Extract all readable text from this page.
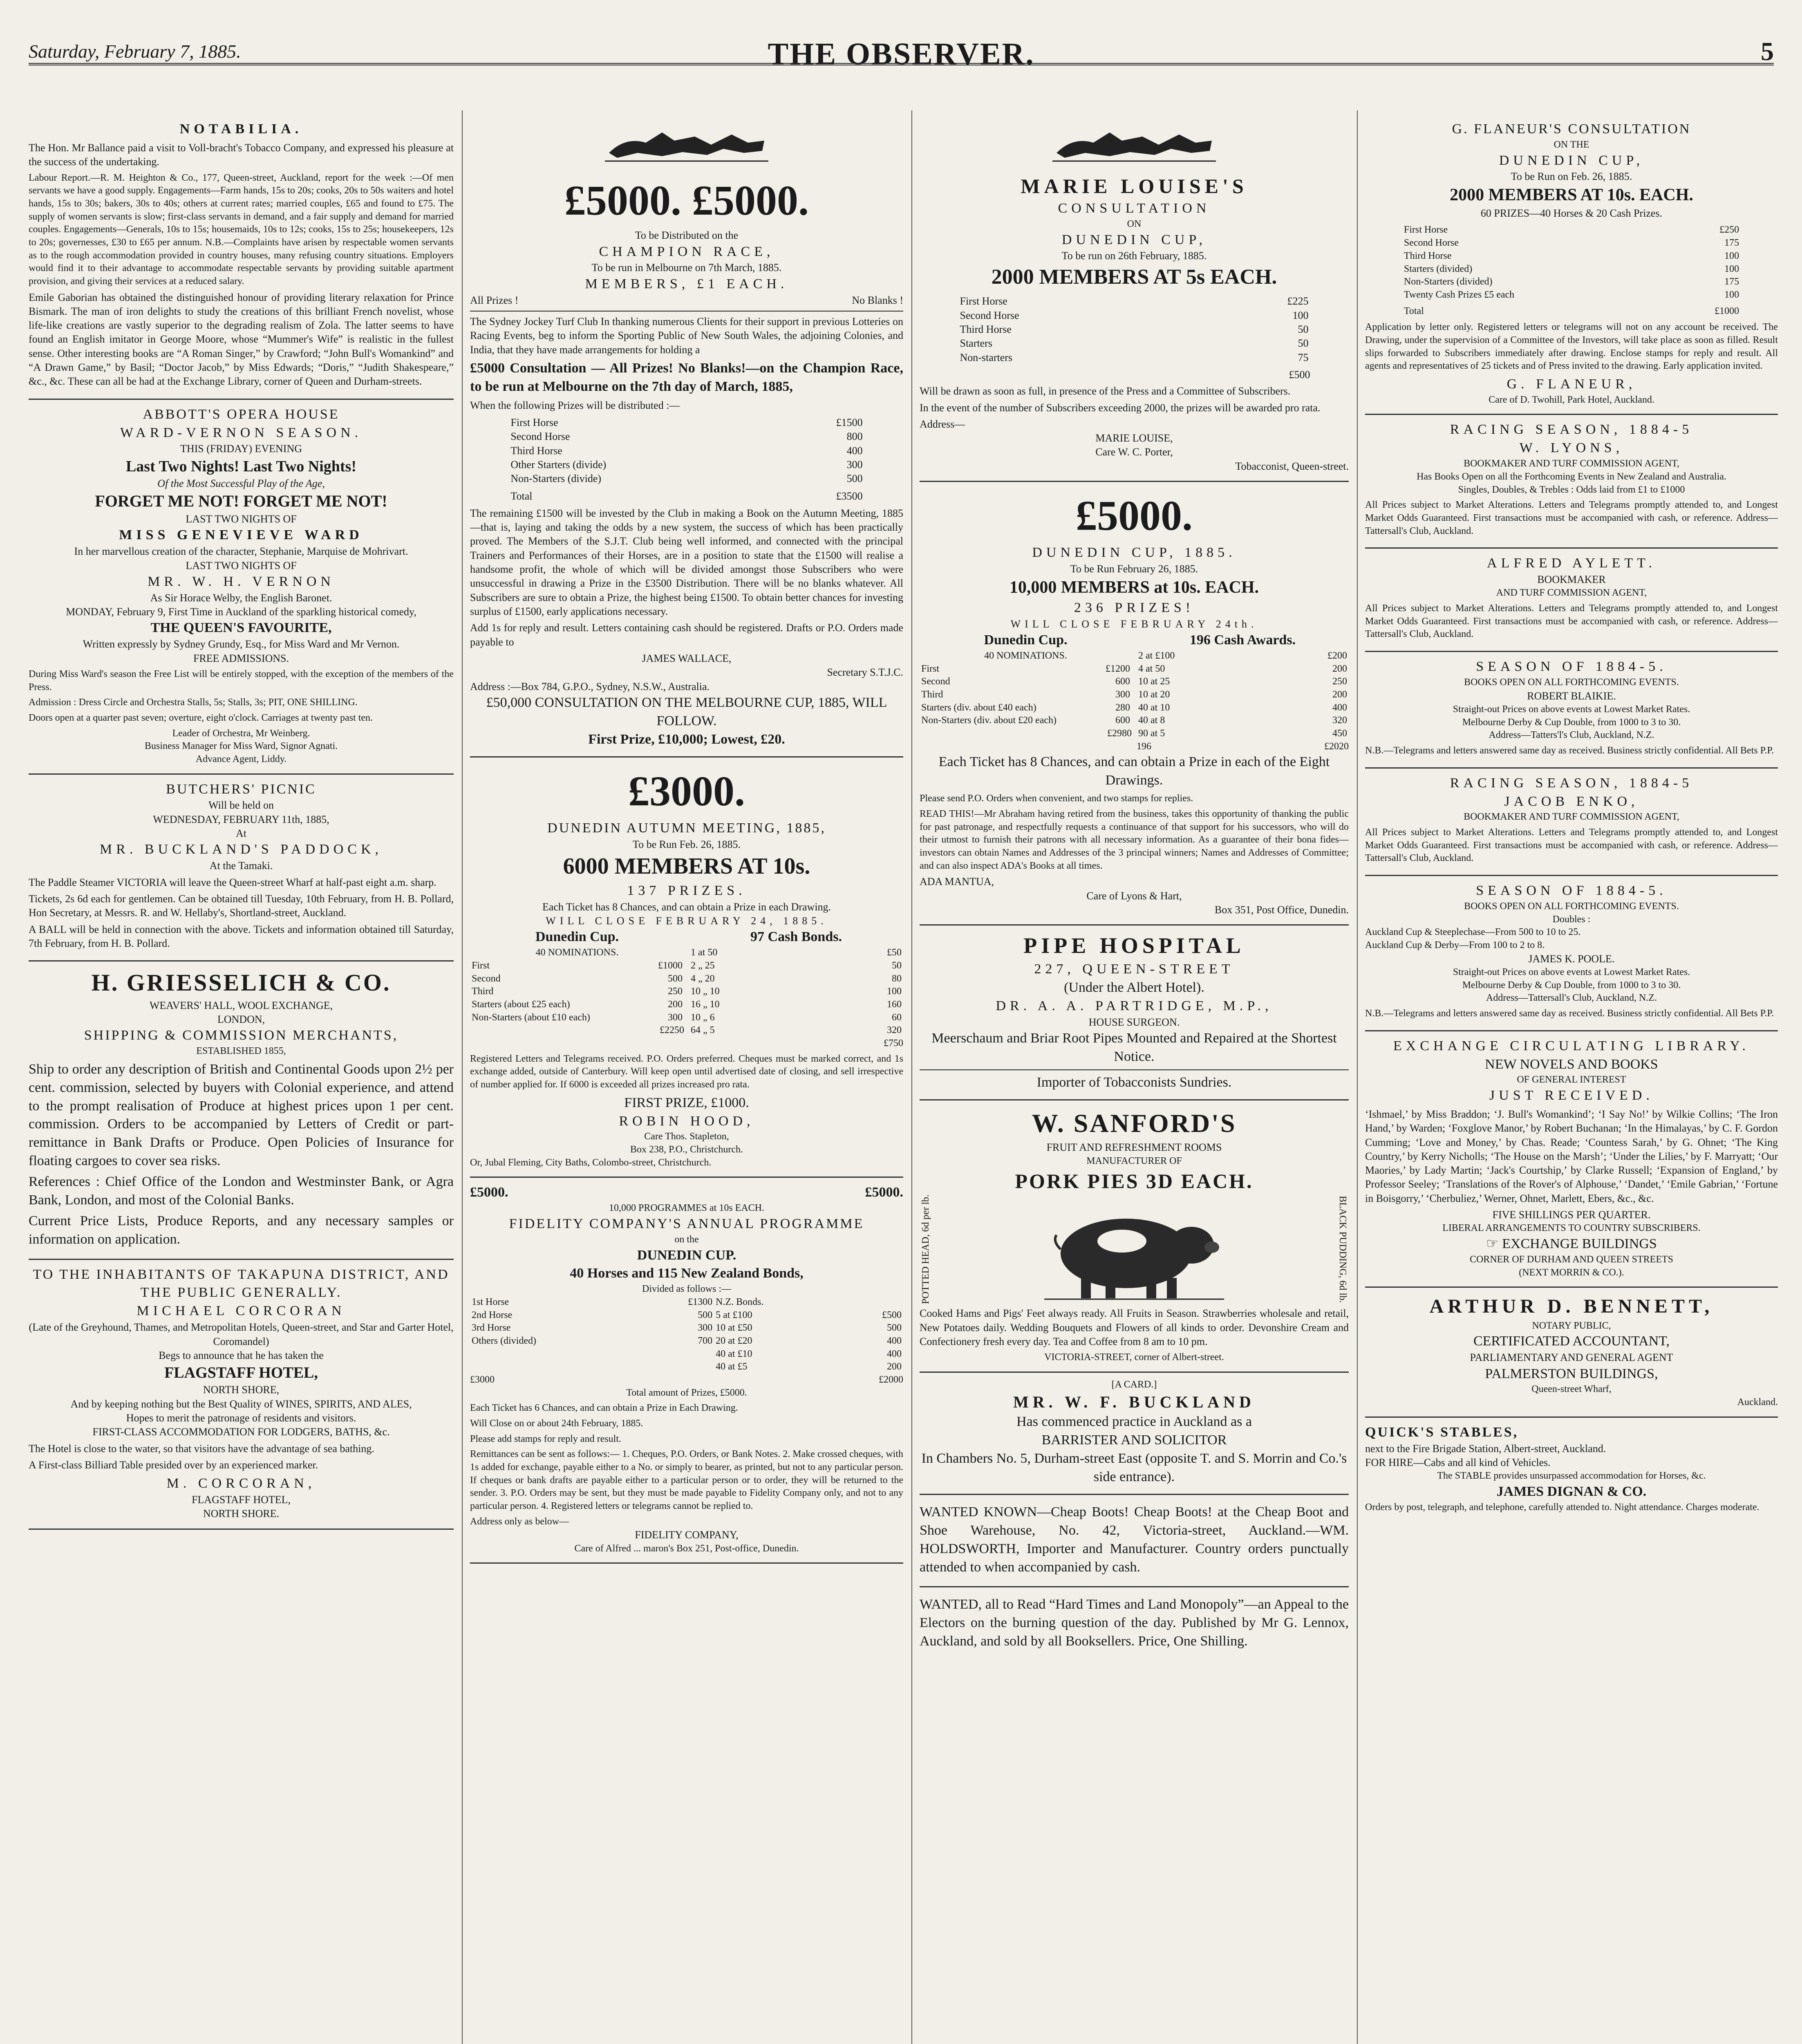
Saturday, February 7, 1885.	THE OBSERVER.	5
NOTABILIA.

The Hon. Mr Ballance paid a visit to Voll-bracht's Tobacco Company, and expressed his pleasure at the success of the undertaking.

Labour Report.—R. M. Heighton & Co., 177, Queen-street, Auckland, report for the week :—Of men servants we have a good supply. Engagements—Farm hands, 15s to 20s; cooks, 20s to 50s waiters and hotel hands, 15s to 30s; bakers, 30s to 40s; others at current rates; married couples, £65 and found to £75. The supply of women servants is slow; first-class servants in demand, and a fair supply and demand for married couples. Engagements—Generals, 10s to 15s; housemaids, 10s to 12s; cooks, 15s to 25s; housekeepers, 12s to 20s; governesses, £30 to £65 per annum. N.B.—Complaints have arisen by respectable women servants as to the rough accommodation provided in country houses, many refusing country situations. Employers would find it to their advantage to accommodate respectable servants by providing suitable apartment provision, and giving their services at a reduced salary.

Emile Gaborian has obtained the distinguished honour of providing literary relaxation for Prince Bismark. The man of iron delights to study the creations of this brilliant French novelist, whose life-like creations are vastly superior to the degrading realism of Zola. The latter seems to have found an English imitator in George Moore, whose “Mummer's Wife” is realistic in the fullest sense. Other interesting books are “A Roman Singer,” by Crawford; “John Bull's Womankind” and “A Drawn Game,” by Basil; “Doctor Jacob,” by Miss Edwards; “Doris,” “Judith Shakespeare,” &c., &c. These can all be had at the Exchange Library, corner of Queen and Durham-streets.

ABBOTT'S OPERA HOUSE
WARD-VERNON SEASON.
THIS (FRIDAY) EVENING
Last Two Nights! Last Two Nights!
Of the Most Successful Play of the Age,
FORGET ME NOT! FORGET ME NOT!
LAST TWO NIGHTS OF
MISS GENEVIEVE WARD
In her marvellous creation of the character, Stephanie, Marquise de Mohrivart.
LAST TWO NIGHTS OF
MR. W. H. VERNON
As Sir Horace Welby, the English Baronet.
MONDAY, February 9, First Time in Auckland of the sparkling historical comedy,
THE QUEEN'S FAVOURITE,
Written expressly by Sydney Grundy, Esq., for Miss Ward and Mr Vernon.
FREE ADMISSIONS.

During Miss Ward's season the Free List will be entirely stopped, with the exception of the members of the Press.

Admission : Dress Circle and Orchestra Stalls, 5s; Stalls, 3s; PIT, ONE SHILLING.

Doors open at a quarter past seven; overture, eight o'clock. Carriages at twenty past ten.

Leader of Orchestra, Mr Weinberg.
Business Manager for Miss Ward, Signor Agnati.
Advance Agent, Liddy.
BUTCHERS' PICNIC
Will be held on
WEDNESDAY, FEBRUARY 11th, 1885,
At
MR. BUCKLAND'S PADDOCK,
At the Tamaki.

The Paddle Steamer VICTORIA will leave the Queen-street Wharf at half-past eight a.m. sharp.

Tickets, 2s 6d each for gentlemen. Can be obtained till Tuesday, 10th February, from H. B. Pollard, Hon Secretary, at Messrs. R. and W. Hellaby's, Shortland-street, Auckland.

A BALL will be held in connection with the above. Tickets and information obtained till Saturday, 7th February, from H. B. Pollard.

H. GRIESSELICH & CO.
WEAVERS' HALL, WOOL EXCHANGE,
LONDON,
SHIPPING & COMMISSION MERCHANTS,
ESTABLISHED 1855,

Ship to order any description of British and Continental Goods upon 2½ per cent. commission, selected by buyers with Colonial experience, and attend to the prompt realisation of Produce at highest prices upon 1 per cent. commission. Orders to be accompanied by Letters of Credit or part-remittance in Bank Drafts or Produce. Open Policies of Insurance for floating cargoes to cover sea risks.

References : Chief Office of the London and Westminster Bank, or Agra Bank, London, and most of the Colonial Banks.

Current Price Lists, Produce Reports, and any necessary samples or information on application.

TO THE INHABITANTS OF TAKAPUNA DISTRICT, AND THE PUBLIC GENERALLY.
MICHAEL CORCORAN
(Late of the Greyhound, Thames, and Metropolitan Hotels, Queen-street, and Star and Garter Hotel, Coromandel)
Begs to announce that he has taken the
FLAGSTAFF HOTEL,
NORTH SHORE,
And by keeping nothing but the Best Quality of WINES, SPIRITS, AND ALES,
Hopes to merit the patronage of residents and visitors.
FIRST-CLASS ACCOMMODATION FOR LODGERS, BATHS, &c.

The Hotel is close to the water, so that visitors have the advantage of sea bathing.

A First-class Billiard Table presided over by an experienced marker.

M. CORCORAN,
FLAGSTAFF HOTEL,
NORTH SHORE.
£5000. £5000.
To be Distributed on the
CHAMPION RACE,
To be run in Melbourne on 7th March, 1885.
MEMBERS, £1 EACH.
All Prizes !	No Blanks !

The Sydney Jockey Turf Club In thanking numerous Clients for their support in previous Lotteries on Racing Events, beg to inform the Sporting Public of New South Wales, the adjoining Colonies, and India, that they have made arrangements for holding a

£5000 Consultation — All Prizes! No Blanks!—on the Champion Race, to be run at Melbourne on the 7th day of March, 1885,

When the following Prizes will be distributed :—
First Horse	£1500
Second Horse	800
Third Horse	400
Other Starters (divide)	300
Non-Starters (divide)	500
Total	£3500

The remaining £1500 will be invested by the Club in making a Book on the Autumn Meeting, 1885—that is, laying and taking the odds by a new system, the success of which has been practically proved. The Members of the S.J.T. Club being well informed, and connected with the principal Trainers and Performances of their Horses, are in a position to state that the £1500 will realise a handsome profit, the whole of which will be divided amongst those Subscribers who were unsuccessful in drawing a Prize in the £3500 Distribution. There will be no blanks whatever. All Subscribers are sure to obtain a Prize, the highest being £1500. To obtain better chances for investing surplus of £1500, early applications necessary.

Add 1s for reply and result. Letters containing cash should be registered. Drafts or P.O. Orders made payable to

JAMES WALLACE,
Secretary S.T.J.C.
Address :—Box 784, G.P.O., Sydney, N.S.W., Australia.
£50,000 CONSULTATION ON THE MELBOURNE CUP, 1885, WILL FOLLOW.
First Prize, £10,000; Lowest, £20.
£3000.
DUNEDIN AUTUMN MEETING, 1885,
To be Run Feb. 26, 1885.
6000 MEMBERS AT 10s.
137 PRIZES.
Each Ticket has 8 Chances, and can obtain a Prize in each Drawing.
WILL CLOSE FEBRUARY 24, 1885.
Dunedin Cup.
40 NOMINATIONS.
First	£1000
Second	500
Third	250
Starters (about £25 each)	200
Non-Starters (about £10 each)	300
£2250
97 Cash Bonds.
1 at 50	£50
2 „ 25	50
4 „ 20	80
10 „ 10	100
16 „ 10	160
10 „ 6	60
64 „ 5	320
£750

Registered Letters and Telegrams received. P.O. Orders preferred. Cheques must be marked correct, and 1s exchange added, outside of Canterbury. Will keep open until advertised date of closing, and sell irrespective of number applied for. If 6000 is exceeded all prizes increased pro rata.

FIRST PRIZE, £1000.
ROBIN HOOD,
Care Thos. Stapleton,
Box 238, P.O., Christchurch.
Or, Jubal Fleming, City Baths, Colombo-street, Christchurch.
£5000.	£5000.
10,000 PROGRAMMES at 10s EACH.
FIDELITY COMPANY'S ANNUAL PROGRAMME
on the
DUNEDIN CUP.
40 Horses and 115 New Zealand Bonds,
Divided as follows :—
1st Horse	£1300	N.Z. Bonds.	
2nd Horse	500	5 at £100	£500
3rd Horse	300	10 at £50	500
Others (divided)	700	20 at £20	400
		40 at £10	400
		40 at £5	200
£3000	£2000
Total amount of Prizes, £5000.

Each Ticket has 6 Chances, and can obtain a Prize in Each Drawing.

Will Close on or about 24th February, 1885.

Please add stamps for reply and result.

Remittances can be sent as follows:— 1. Cheques, P.O. Orders, or Bank Notes. 2. Make crossed cheques, with 1s added for exchange, payable either to a No. or simply to bearer, as printed, but not to any particular person. If cheques or bank drafts are payable either to a particular person or to order, they will be returned to the sender. 3. P.O. Orders may be sent, but they must be made payable to Fidelity Company only, and not to any particular person. 4. Registered letters or telegrams cannot be replied to.

Address only as below—
FIDELITY COMPANY,
Care of Alfred ... maron's Box 251, Post-office, Dunedin.
MARIE LOUISE'S
CONSULTATION
ON
DUNEDIN CUP,
To be run on 26th February, 1885.
2000 MEMBERS AT 5s EACH.
First Horse	£225
Second Horse	100
Third Horse	50
Starters	50
Non-starters	75
£500

Will be drawn as soon as full, in presence of the Press and a Committee of Subscribers.

In the event of the number of Subscribers exceeding 2000, the prizes will be awarded pro rata.

Address—
MARIE LOUISE,
Care W. C. Porter,
Tobacconist, Queen-street.
£5000.
DUNEDIN CUP, 1885.
To be Run February 26, 1885.
10,000 MEMBERS at 10s. EACH.
236 PRIZES!
WILL CLOSE FEBRUARY 24th.
Dunedin Cup.
40 NOMINATIONS.
First	£1200
Second	600
Third	300
Starters (div. about £40 each)	280
Non-Starters (div. about £20 each)	600
£2980
196 Cash Awards.
2 at £100	£200
4 at 50	200
10 at 25	250
10 at 20	200
40 at 10	400
40 at 8	320
90 at 5	450
196	£2020
Each Ticket has 8 Chances, and can obtain a Prize in each of the Eight Drawings.

Please send P.O. Orders when convenient, and two stamps for replies.

READ THIS!—Mr Abraham having retired from the business, takes this opportunity of thanking the public for past patronage, and respectfully requests a continuance of that support for his successors, who will do their utmost to furnish their patrons with all necessary information. As a guarantee of their bona fides—investors can obtain Names and Addresses of the 3 principal winners; Names and Addresses of Committee; and can also inspect ADA's Books at all times.

ADA MANTUA,
Care of Lyons & Hart,
Box 351, Post Office, Dunedin.
PIPE HOSPITAL
227, QUEEN-STREET
(Under the Albert Hotel).
DR. A. A. PARTRIDGE, M.P.,
HOUSE SURGEON.
Meerschaum and Briar Root Pipes Mounted and Repaired at the Shortest Notice.
Importer of Tobacconists Sundries.
W. SANFORD'S
FRUIT AND REFRESHMENT ROOMS
MANUFACTURER OF
PORK PIES 3D EACH.
POTTED HEAD, 6d per lb.	BLACK PUDDING, 6d lb.

Cooked Hams and Pigs' Feet always ready. All Fruits in Season. Strawberries wholesale and retail, New Potatoes daily. Wedding Bouquets and Flowers of all kinds to order. Devonshire Cream and Confectionery fresh every day. Tea and Coffee from 8 am to 10 pm.

VICTORIA-STREET, corner of Albert-street.
[A CARD.]
MR. W. F. BUCKLAND
Has commenced practice in Auckland as a
BARRISTER AND SOLICITOR
In Chambers No. 5, Durham-street East (opposite T. and S. Morrin and Co.'s side entrance).

WANTED KNOWN—Cheap Boots! Cheap Boots! at the Cheap Boot and Shoe Warehouse, No. 42, Victoria-street, Auckland.—WM. HOLDSWORTH, Importer and Manufacturer. Country orders punctually attended to when accompanied by cash.

WANTED, all to Read “Hard Times and Land Monopoly”—an Appeal to the Electors on the burning question of the day. Published by Mr G. Lennox, Auckland, and sold by all Booksellers. Price, One Shilling.

G. FLANEUR'S CONSULTATION
ON THE
DUNEDIN CUP,
To be Run on Feb. 26, 1885.
2000 MEMBERS AT 10s. EACH.
60 PRIZES—40 Horses & 20 Cash Prizes.
First Horse	£250
Second Horse	175
Third Horse	100
Starters (divided)	100
Non-Starters (divided)	175
Twenty Cash Prizes £5 each	100
Total	£1000

Application by letter only. Registered letters or telegrams will not on any account be received. The Drawing, under the supervision of a Committee of the Investors, will take place as soon as filled. Result slips forwarded to Subscribers immediately after drawing. Enclose stamps for reply and result. All agents and representatives of 25 tickets and of Press invited to the drawing. Early application invited.

G. FLANEUR,
Care of D. Twohill, Park Hotel, Auckland.
RACING SEASON, 1884-5
W. LYONS,
BOOKMAKER AND TURF COMMISSION AGENT,
Has Books Open on all the Forthcoming Events in New Zealand and Australia.
Singles, Doubles, & Trebles : Odds laid from £1 to £1000

All Prices subject to Market Alterations. Letters and Telegrams promptly attended to, and Longest Market Odds Guaranteed. First transactions must be accompanied with cash, or reference. Address—Tattersall's Club, Auckland.

ALFRED AYLETT.
BOOKMAKER
AND TURF COMMISSION AGENT,

All Prices subject to Market Alterations. Letters and Telegrams promptly attended to, and Longest Market Odds Guaranteed. First transactions must be accompanied with cash, or reference. Address—Tattersall's Club, Auckland.

SEASON OF 1884-5.
BOOKS OPEN ON ALL FORTHCOMING EVENTS.
ROBERT BLAIKIE.
Straight-out Prices on above events at Lowest Market Rates.
Melbourne Derby & Cup Double, from 1000 to 3 to 30.
Address—Tatters'l's Club, Auckland, N.Z.

N.B.—Telegrams and letters answered same day as received. Business strictly confidential. All Bets P.P.

RACING SEASON, 1884-5
JACOB ENKO,
BOOKMAKER AND TURF COMMISSION AGENT,

All Prices subject to Market Alterations. Letters and Telegrams promptly attended to, and Longest Market Odds Guaranteed. First transactions must be accompanied with cash, or reference. Address—Tattersall's Club, Auckland.

SEASON OF 1884-5.
BOOKS OPEN ON ALL FORTHCOMING EVENTS.
Doubles :
Auckland Cup & Steeplechase—From 500 to 10 to 25.
Auckland Cup & Derby—From 100 to 2 to 8.
JAMES K. POOLE.
Straight-out Prices on above events at Lowest Market Rates.
Melbourne Derby & Cup Double, from 1000 to 3 to 30.
Address—Tattersall's Club, Auckland, N.Z.

N.B.—Telegrams and letters answered same day as received. Business strictly confidential. All Bets P.P.

EXCHANGE CIRCULATING LIBRARY.
NEW NOVELS AND BOOKS
OF GENERAL INTEREST
JUST RECEIVED.

‘Ishmael,’ by Miss Braddon; ‘J. Bull's Womankind’; ‘I Say No!’ by Wilkie Collins; ‘The Iron Hand,’ by Warden; ‘Foxglove Manor,’ by Robert Buchanan; ‘In the Himalayas,’ by C. F. Gordon Cumming; ‘Love and Money,’ by Chas. Reade; ‘Countess Sarah,’ by G. Ohnet; ‘The King Country,’ by Kerry Nicholls; ‘The House on the Marsh’; ‘Under the Lilies,’ by F. Marryatt; ‘Our Maories,’ by Lady Martin; ‘Jack's Courtship,’ by Clarke Russell; ‘Expansion of England,’ by Professor Seeley; ‘Translations of the Rover's of Alphouse,’ ‘Dandet,’ ‘Emile Gabrian,’ ‘Fortune in Boisgorry,’ ‘Cherbuliez,’ Werner, Ohnet, Marlett, Ebers, &c., &c.

FIVE SHILLINGS PER QUARTER.
LIBERAL ARRANGEMENTS TO COUNTRY SUBSCRIBERS.
☞ EXCHANGE BUILDINGS
CORNER OF DURHAM AND QUEEN STREETS
(NEXT MORRIN & CO.).
ARTHUR D. BENNETT,
NOTARY PUBLIC,
CERTIFICATED ACCOUNTANT,
PARLIAMENTARY AND GENERAL AGENT
PALMERSTON BUILDINGS,
Queen-street Wharf,
Auckland.
QUICK'S STABLES,
next to the Fire Brigade Station, Albert-street, Auckland.
FOR HIRE—Cabs and all kind of Vehicles.
The STABLE provides unsurpassed accommodation for Horses, &c.
JAMES DIGNAN & CO.
Orders by post, telegraph, and telephone, carefully attended to. Night attendance. Charges moderate.
